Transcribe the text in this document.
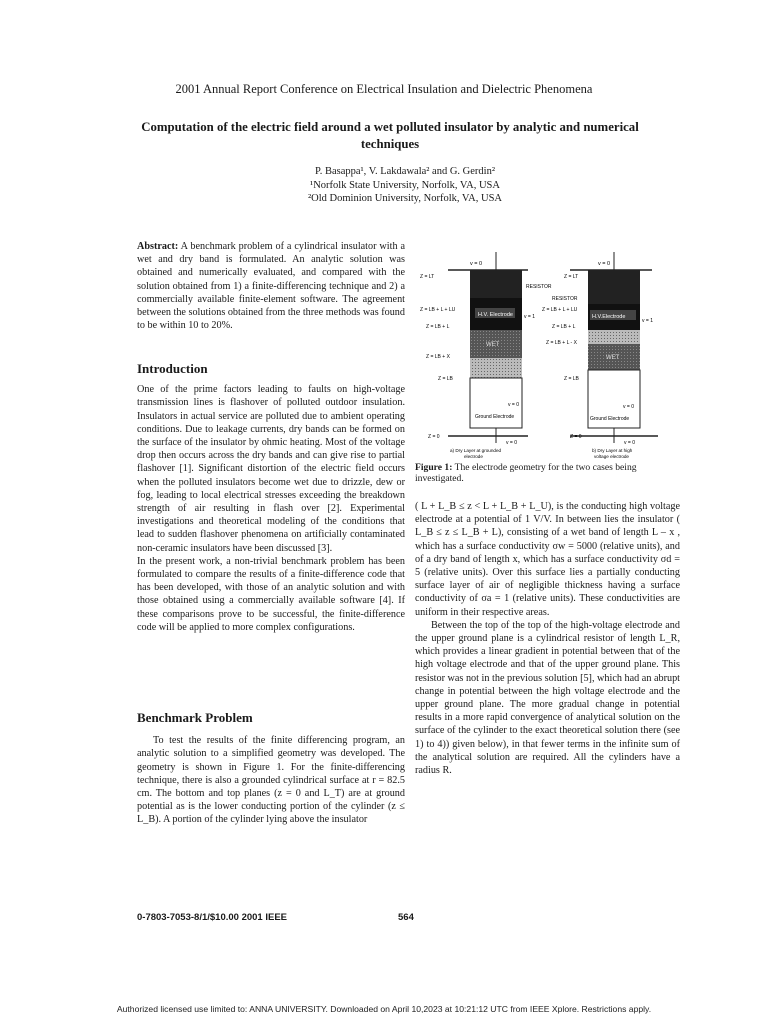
2001 Annual Report Conference on Electrical Insulation and Dielectric Phenomena
Computation of the electric field around a wet polluted insulator by analytic and numerical techniques
P. Basappa¹, V. Lakdawala² and G. Gerdin²
¹Norfolk State University, Norfolk, VA, USA
²Old Dominion University, Norfolk, VA, USA

Abstract: A benchmark problem of a cylindrical insulator with a wet and dry band is formulated. An analytic solution was obtained and numerically evaluated, and compared with the solution obtained from 1) a finite-differencing technique and 2) a commercially available finite-element software. The agreement between the solutions obtained from the three methods was found to be within 10 to 20%.

Introduction

One of the prime factors leading to faults on high-voltage transmission lines is flashover of polluted outdoor insulation. Insulators in actual service are polluted due to ambient operating conditions. Due to leakage currents, dry bands can be formed on the surface of the insulator by ohmic heating. Most of the voltage drop then occurs across the dry bands and can give rise to partial flashover [1]. Significant distortion of the electric field occurs when the polluted insulators become wet due to drizzle, dew or fog, leading to local electrical stresses exceeding the breakdown strength of air resulting in flash over [2]. Experimental investigations and theoretical modeling of the conditions that lead to sudden flashover phenomena on artificially contaminated non-ceramic insulators have been discussed [3].

In the present work, a non-trivial benchmark problem has been formulated to compare the results of a finite-difference code that has been developed, with those of an analytic solution and with those obtained using a commercially available software [4]. If these comparisons prove to be successful, the finite-difference code will be applied to more complex configurations.

Benchmark Problem

To test the results of the finite differencing program, an analytic solution to a simplified geometry was developed. The geometry is shown in Figure 1. For the finite-differencing technique, there is also a grounded cylindrical surface at r = 82.5 cm. The bottom and top planes (z = 0 and L_T) are at ground potential as is the lower conducting portion of the cylinder (z ≤ L_B). A portion of the cylinder lying above the insulator

v = 0
H.V. Electrode
WET
Ground Electrode
v = 0
Z = LT
Z = LB + L + LU
Z = LB + L
Z = LB + X
Z = LB
Z = 0
v = 0
v = 1
a) Dry Layer at grounded
electrode
RESISTOR
RESISTOR
v = 0
H.V.Electrode
WET
Ground Electrode
v = 0
Z = LT
Z = LB + L + LU
Z = LB + L
Z = LB + L - X
Z = LB
Z = 0
v = 0
v = 1
b) Dry Layer at high
voltage electrode
Figure 1: The electrode geometry for the two cases being investigated.

( L + L_B ≤ z < L + L_B + L_U), is the conducting high voltage electrode at a potential of 1 V/V. In between lies the insulator ( L_B ≤ z ≤ L_B + L), consisting of a wet band of length L – x , which has a surface conductivity σw = 5000 (relative units), and of a dry band of length x, which has a surface conductivity σd = 5 (relative units). Over this surface lies a partially conducting surface layer of air of negligible thickness having a surface conductivity of σa = 1 (relative units). These conductivities are uniform in their respective areas.

Between the top of the top of the high-voltage electrode and the upper ground plane is a cylindrical resistor of length L_R, which provides a linear gradient in potential between that of the high voltage electrode and that of the upper ground plane. This resistor was not in the previous solution [5], which had an abrupt change in potential between the high voltage electrode and the upper ground plane. The more gradual change in potential results in a more rapid convergence of analytical solution on the surface of the cylinder to the exact theoretical solution there (see 1) to 4)) given below), in that fewer terms in the infinite sum of the analytical solution are required. All the cylinders have a radius R.

0-7803-7053-8/1/$10.00 2001 IEEE	564
Authorized licensed use limited to: ANNA UNIVERSITY. Downloaded on April 10,2023 at 10:21:12 UTC from IEEE Xplore. Restrictions apply.
